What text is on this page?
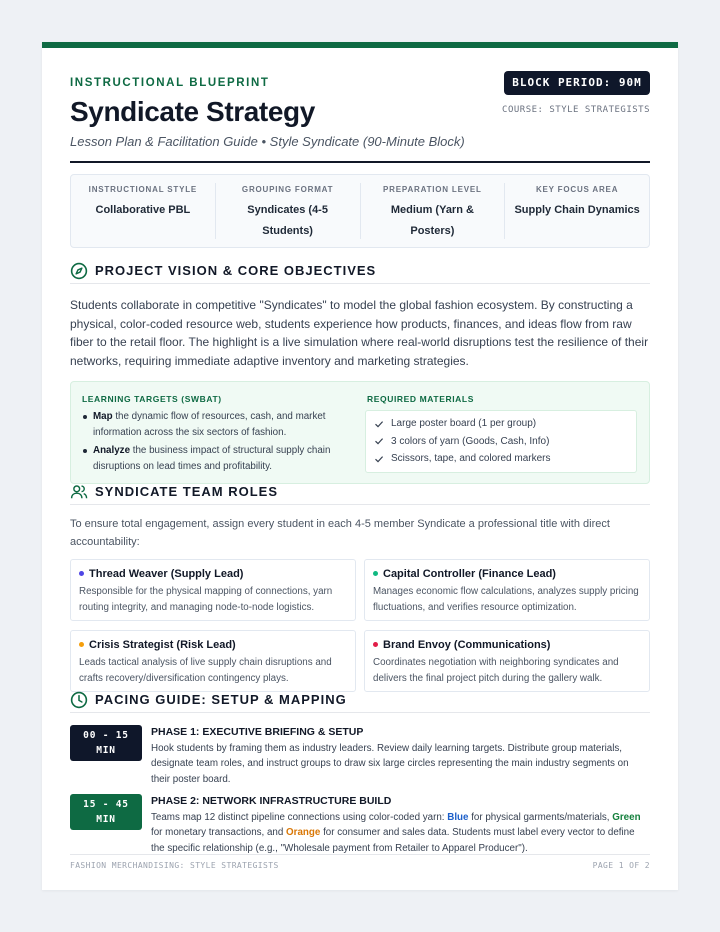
INSTRUCTIONAL BLUEPRINT
Syndicate Strategy
Lesson Plan & Facilitation Guide • Style Syndicate (90-Minute Block)
BLOCK PERIOD: 90M
COURSE: STYLE STRATEGISTS
INSTRUCTIONAL STYLE
Collaborative PBL
GROUPING FORMAT
Syndicates (4-5 Students)
PREPARATION LEVEL
Medium (Yarn & Posters)
KEY FOCUS AREA
Supply Chain Dynamics
PROJECT VISION & CORE OBJECTIVES
Students collaborate in competitive "Syndicates" to model the global fashion ecosystem. By constructing a physical, color-coded resource web, students experience how products, finances, and ideas flow from raw fiber to the retail floor. The highlight is a live simulation where real-world disruptions test the resilience of their networks, requiring immediate adaptive inventory and marketing strategies.
LEARNING TARGETS (SWBAT)
Map the dynamic flow of resources, cash, and market information across the six sectors of fashion.
Analyze the business impact of structural supply chain disruptions on lead times and profitability.
REQUIRED MATERIALS
Large poster board (1 per group)
3 colors of yarn (Goods, Cash, Info)
Scissors, tape, and colored markers
SYNDICATE TEAM ROLES
To ensure total engagement, assign every student in each 4-5 member Syndicate a professional title with direct accountability:
Thread Weaver (Supply Lead)
Responsible for the physical mapping of connections, yarn routing integrity, and managing node-to-node logistics.
Capital Controller (Finance Lead)
Manages economic flow calculations, analyzes supply pricing fluctuations, and verifies resource optimization.
Crisis Strategist (Risk Lead)
Leads tactical analysis of live supply chain disruptions and crafts recovery/diversification contingency plays.
Brand Envoy (Communications)
Coordinates negotiation with neighboring syndicates and delivers the final project pitch during the gallery walk.
PACING GUIDE: SETUP & MAPPING
00 - 15
MIN
PHASE 1: EXECUTIVE BRIEFING & SETUP
Hook students by framing them as industry leaders. Review daily learning targets. Distribute group materials, designate team roles, and instruct groups to draw six large circles representing the main industry segments on their poster board.
15 - 45
MIN
PHASE 2: NETWORK INFRASTRUCTURE BUILD
Teams map 12 distinct pipeline connections using color-coded yarn: Blue for physical garments/materials, Green for monetary transactions, and Orange for consumer and sales data. Students must label every vector to define the specific relationship (e.g., "Wholesale payment from Retailer to Apparel Producer").
FASHION MERCHANDISING: STYLE STRATEGISTS	PAGE 1 OF 2
